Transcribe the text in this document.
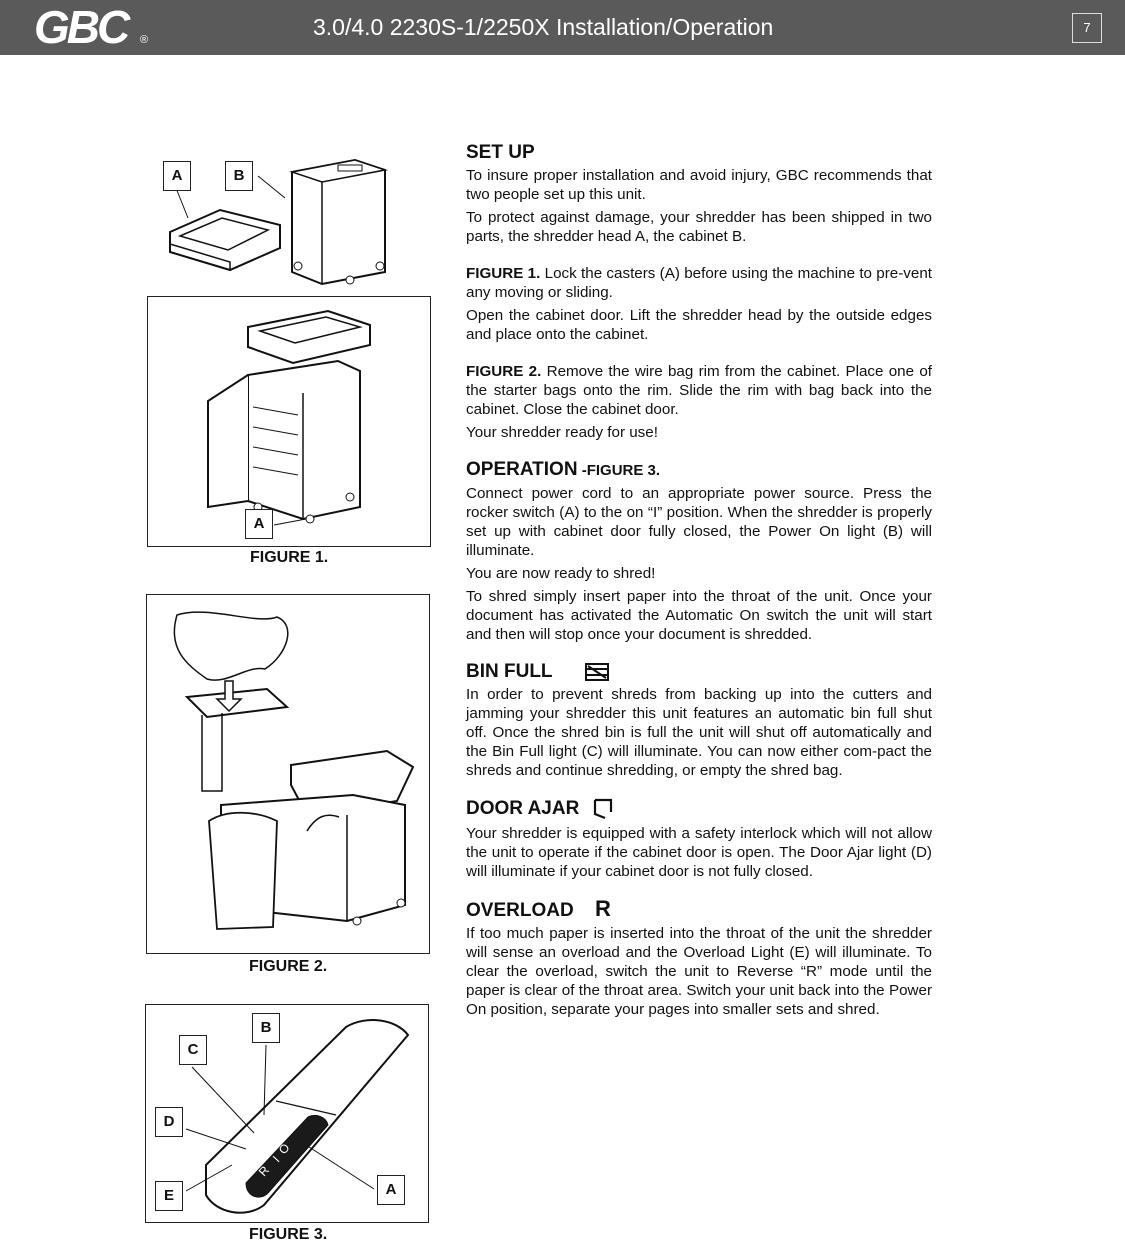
GBC ®	3.0/4.0 2230S-1/2250X Installation/Operation	7
A	B
A
FIGURE 1.
FIGURE 2.
I
O
R
C
B
D
E	A
FIGURE 3.
SET UP

To insure proper installation and avoid injury, GBC recommends that two people set up this unit.

To protect against damage, your shredder has been shipped in two parts, the shredder head A, the cabinet B.

FIGURE 1. Lock the casters (A) before using the machine to pre-vent any moving or sliding.

Open the cabinet door. Lift the shredder head by the outside edges and place onto the cabinet.

FIGURE 2. Remove the wire bag rim from the cabinet. Place one of the starter bags onto the rim. Slide the rim with bag back into the cabinet. Close the cabinet door.

Your shredder ready for use!

OPERATION -FIGURE 3.

Connect power cord to an appropriate power source. Press the rocker switch (A) to the on “I” position. When the shredder is properly set up with cabinet door fully closed, the Power On light (B) will illuminate.

You are now ready to shred!

To shred simply insert paper into the throat of the unit. Once your document has activated the Automatic On switch the unit will start and then will stop once your document is shredded.

BIN FULL

In order to prevent shreds from backing up into the cutters and jamming your shredder this unit features an automatic bin full shut off. Once the shred bin is full the unit will shut off automatically and the Bin Full light (C) will illuminate. You can now either com-pact the shreds and continue shredding, or empty the shred bag.

DOOR AJAR

Your shredder is equipped with a safety interlock which will not allow the unit to operate if the cabinet door is open. The Door Ajar light (D) will illuminate if your cabinet door is not fully closed.

OVERLOAD R

If too much paper is inserted into the throat of the unit the shredder will sense an overload and the Overload Light (E) will illuminate. To clear the overload, switch the unit to Reverse “R” mode until the paper is clear of the throat area. Switch your unit back into the Power On position, separate your pages into smaller sets and shred.
